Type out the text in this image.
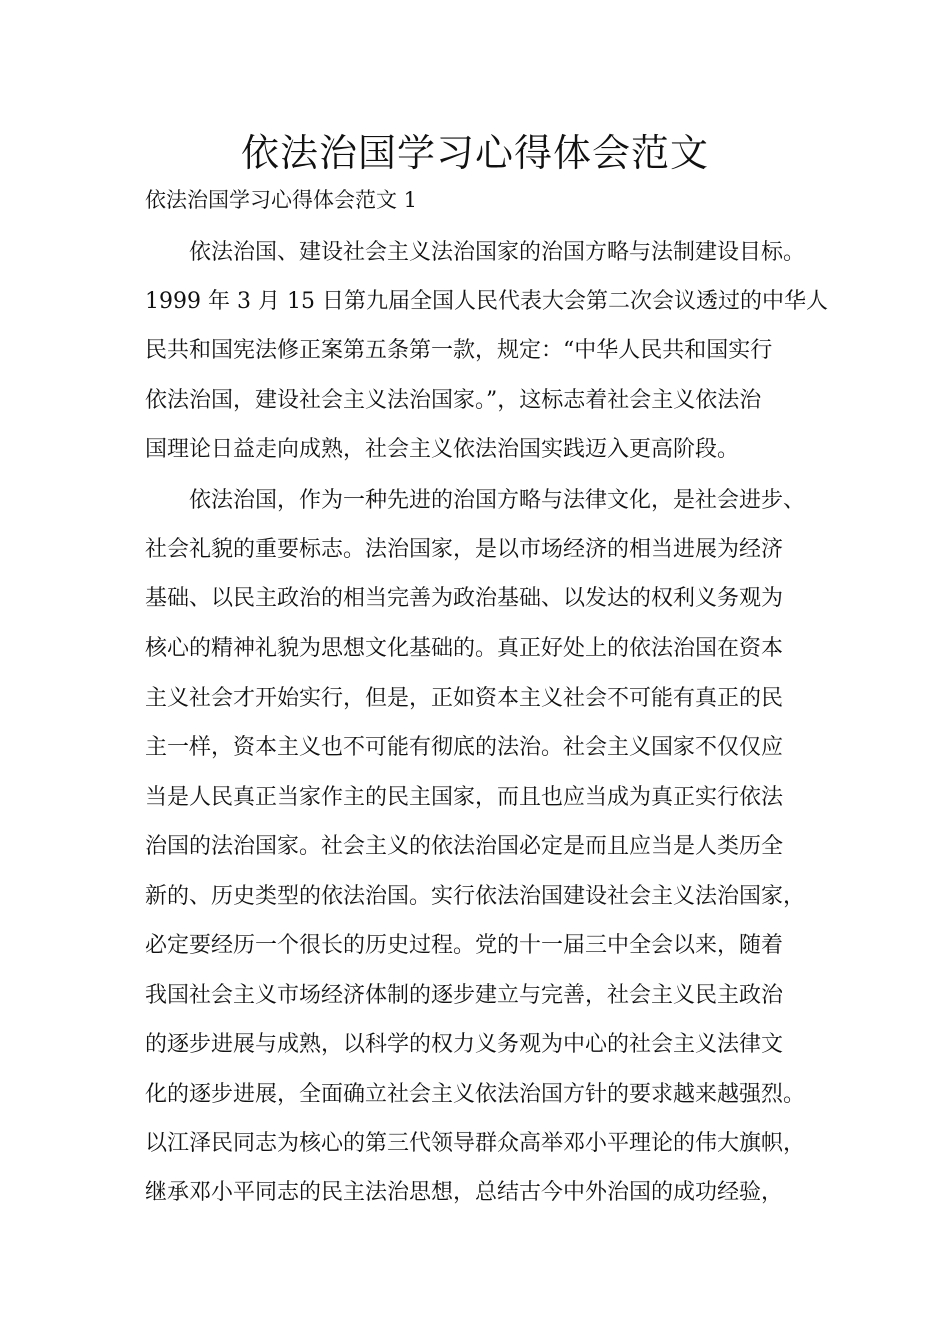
依法治国学习心得体会范文

依法治国学习心得体会范文 1

依法治国、建设社会主义法治国家的治国方略与法制建设目标。

1999 年 3 月 15 日第九届全国人民代表大会第二次会议透过的中华人

民共和国宪法修正案第五条第一款，规定：“中华人民共和国实行

依法治国，建设社会主义法治国家。”，这标志着社会主义依法治

国理论日益走向成熟，社会主义依法治国实践迈入更高阶段。

依法治国，作为一种先进的治国方略与法律文化，是社会进步、

社会礼貌的重要标志。法治国家，是以市场经济的相当进展为经济

基础、以民主政治的相当完善为政治基础、以发达的权利义务观为

核心的精神礼貌为思想文化基础的。真正好处上的依法治国在资本

主义社会才开始实行，但是，正如资本主义社会不可能有真正的民

主一样，资本主义也不可能有彻底的法治。社会主义国家不仅仅应

当是人民真正当家作主的民主国家，而且也应当成为真正实行依法

治国的法治国家。社会主义的依法治国必定是而且应当是人类历全

新的、历史类型的依法治国。实行依法治国建设社会主义法治国家，

必定要经历一个很长的历史过程。党的十一届三中全会以来，随着

我国社会主义市场经济体制的逐步建立与完善，社会主义民主政治

的逐步进展与成熟，以科学的权力义务观为中心的社会主义法律文

化的逐步进展，全面确立社会主义依法治国方针的要求越来越强烈。

以江泽民同志为核心的第三代领导群众高举邓小平理论的伟大旗帜，

继承邓小平同志的民主法治思想，总结古今中外治国的成功经验，
